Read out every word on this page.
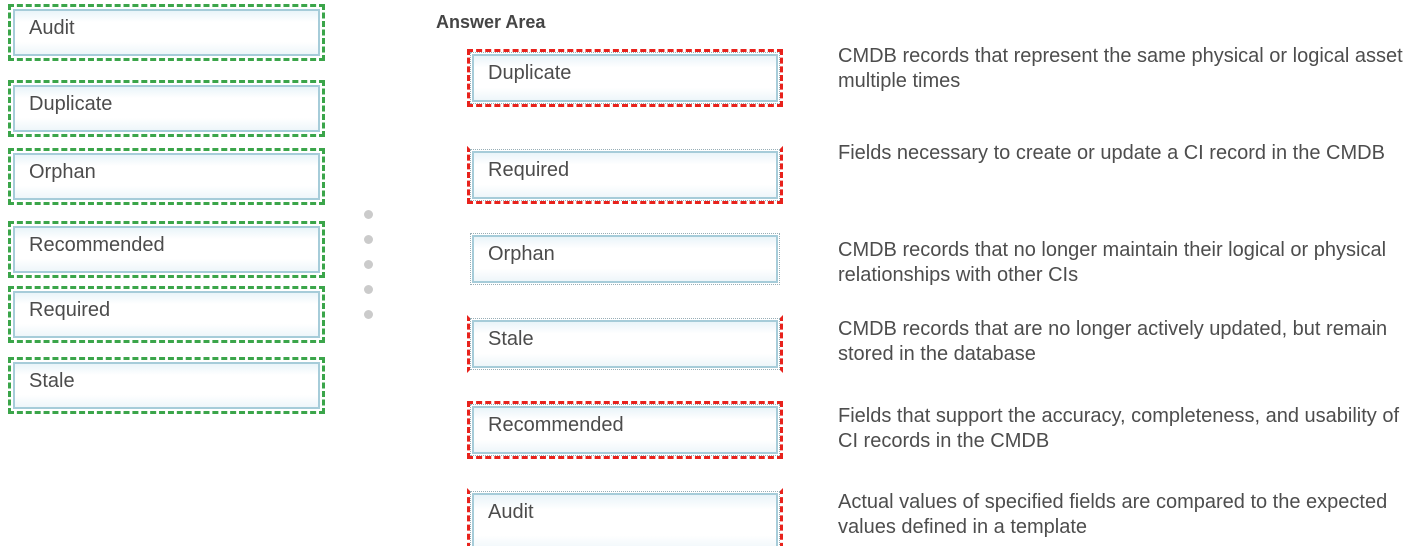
Audit
Duplicate
Orphan
Recommended
Required
Stale
Answer Area
Duplicate
Required
Orphan
Stale
Recommended
Audit
CMDB records that represent the same physical or logical asset multiple times
Fields necessary to create or update a CI record in the CMDB
CMDB records that no longer maintain their logical or physical relationships with other CIs
CMDB records that are no longer actively updated, but remain stored in the database
Fields that support the accuracy, completeness, and usability of CI records in the CMDB
Actual values of specified fields are compared to the expected values defined in a template
